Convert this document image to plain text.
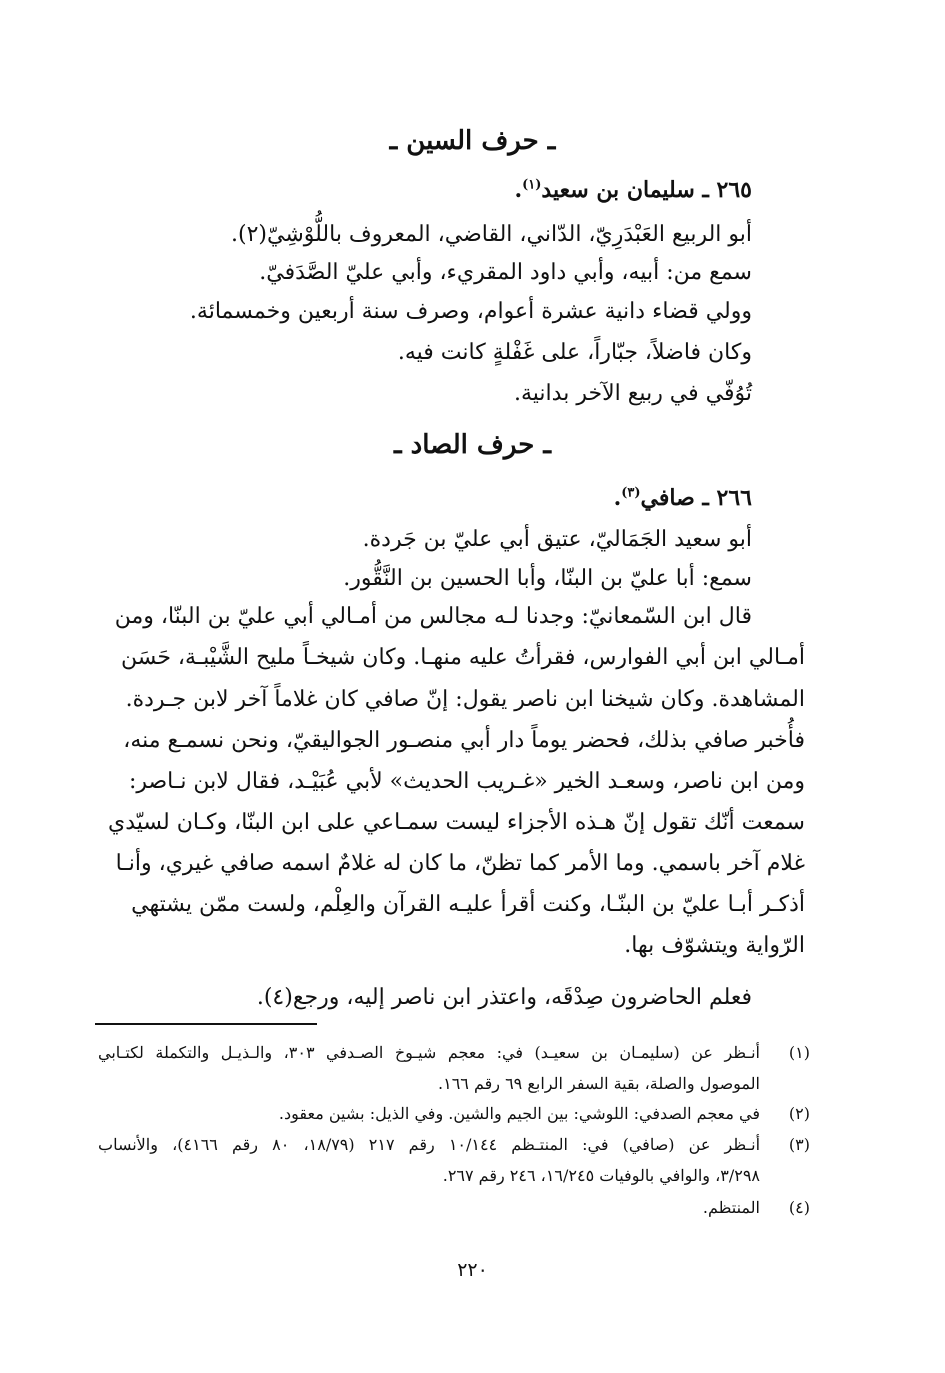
ـ حرف السين ـ
٢٦٥ ـ سليمان بن سعيد$^{(١)}$.
أبو الربيع العَبْدَرِيّ، الدّاني، القاضي، المعروف باللُّوْشِيّ(٢).
سمع من: أبيه، وأبي داود المقريء، وأبي عليّ الصَّدَفيّ.
وولي قضاء دانية عشرة أعوام، وصرف سنة أربعين وخمسمائة.
وكان فاضلاً، جبّاراً، على غَفْلةٍ كانت فيه.
تُوُفّي في ربيع الآخر بدانية.
ـ حرف الصاد ـ
٢٦٦ ـ صافي$^{(٣)}$.
أبو سعيد الجَمَاليّ، عتيق أبي عليّ بن جَردة.
سمع: أبا عليّ بن البنّا، وأبا الحسين بن النَّقُّور.
قال ابن السّمعانيّ: وجدنا لـه مجالس من أمـالي أبي عليّ بن البنّا، ومن
أمـالي ابن أبي الفوارس، فقرأتُ عليه منهـا. وكان شيخـاً مليح الشَّيْبـة، حَسَن
المشاهدة. وكان شيخنا ابن ناصر يقول: إنّ صافي كان غلاماً آخر لابن جـردة.
فأُخبر صافي بذلك، فحضر يوماً دار أبي منصـور الجواليقيّ، ونحن نسمـع منه،
ومن ابن ناصر، وسعـد الخير «غـريب الحديث» لأبي عُبَيْـد، فقال لابن نـاصر:
سمعت أنّك تقول إنّ هـذه الأجزاء ليست سمـاعي على ابن البنّا، وكـان لسيّدي
غلام آخر باسمي. وما الأمر كما تظنّ، ما كان له غلامٌ اسمه صافي غيري، وأنـا
أذكـر أبـا عليّ بن البنّـا، وكنت أقرأ عليـه القرآن والعِلْم، ولست ممّن يشتهي
الرّواية ويتشوّف بها.
فعلم الحاضرون صِدْقَه، واعتذر ابن ناصر إليه، ورجع(٤).
(١)
أنـظر عن (سليمـان بن سعيـد) في: معجم شيـوخ الصـدفي ٣٠٣، والـذيـل والتكملة لكتـابي
الموصول والصلة، بقية السفر الرابع ٦٩ رقم ١٦٦.
(٢)
في معجم الصدفي: اللوشي: بين الجيم والشين. وفي الذيل: بشين معقود.
(٣)
أنـظر عن (صافي) في: المنتـظم ١٠/١٤٤ رقم ٢١٧ (١٨/٧٩، ٨٠ رقم ٤١٦٦)، والأنساب
٣/٢٩٨، والوافي بالوفيات ١٦/٢٤٥، ٢٤٦ رقم ٢٦٧.
(٤)
المنتظم.
٢٢٠
